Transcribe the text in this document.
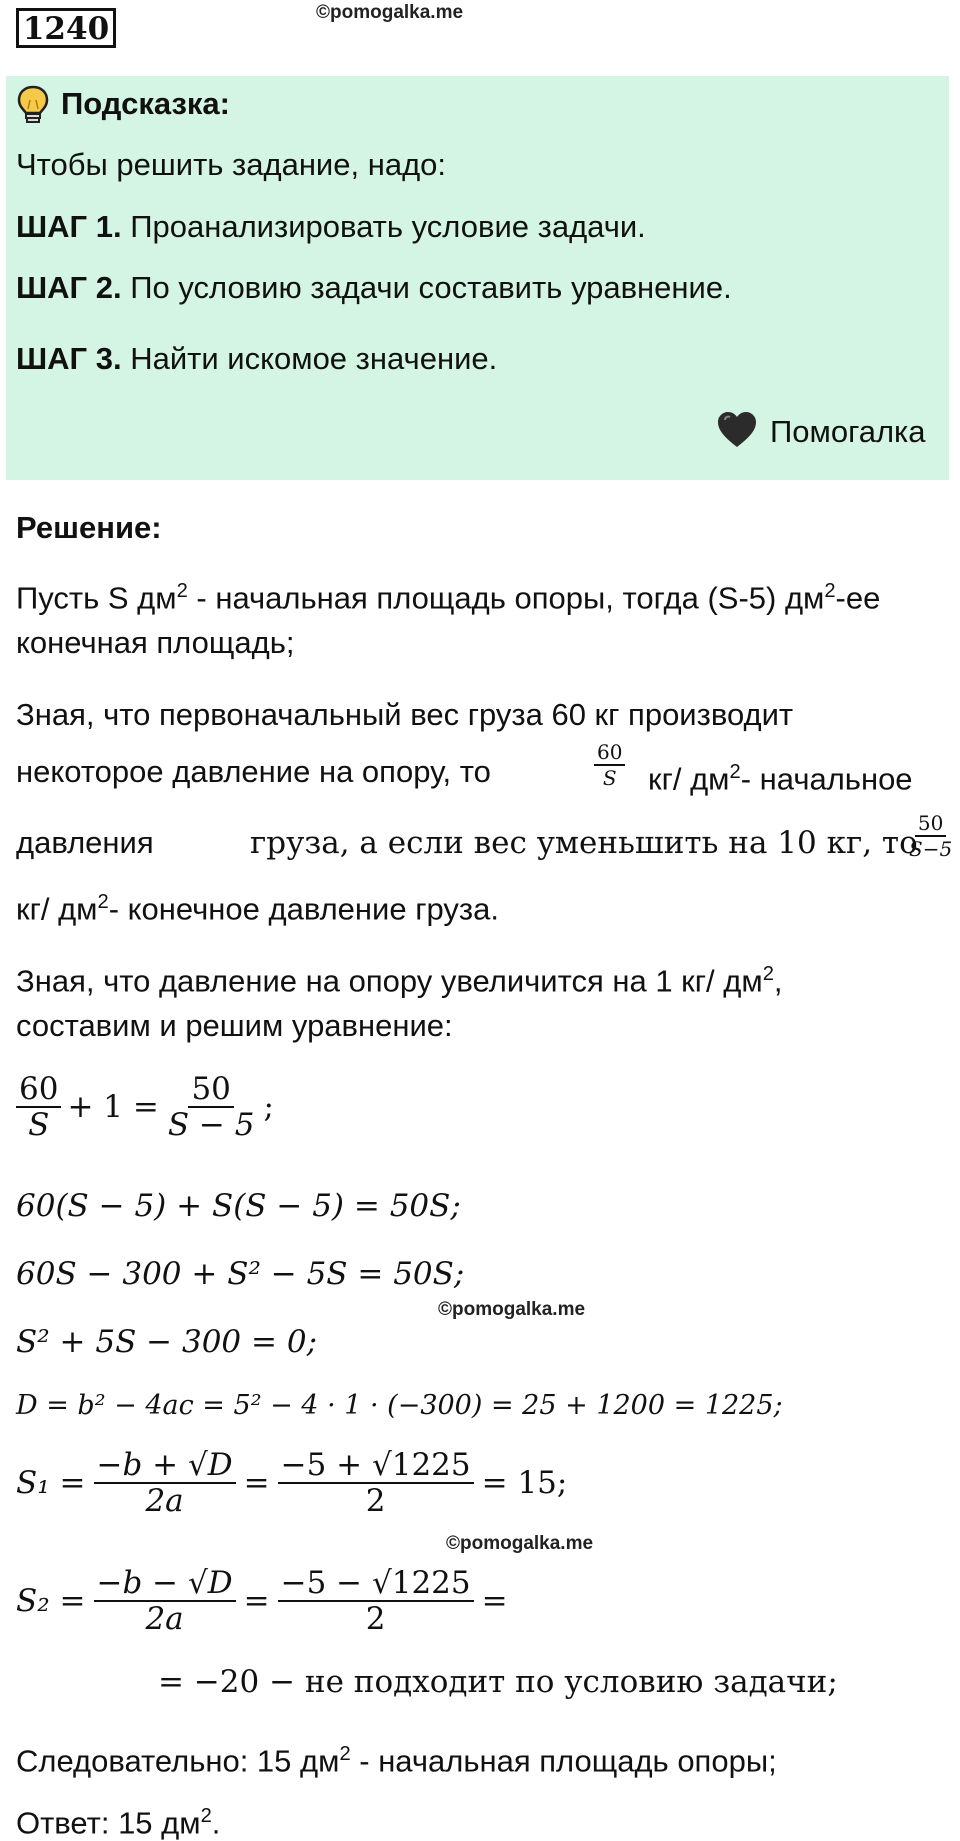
1240	©pomogalka.me
Подсказка:
Чтобы решить задание, надо:
ШАГ 1. Проанализировать условие задачи.
ШАГ 2. По условию задачи составить уравнение.
ШАГ 3. Найти искомое значение.
Помогалка
Решение:
Пусть S $дм^2$ - начальная площадь опоры, тогда (S-5) $дм^2-ее$
конечная площадь;
Зная, что первоначальный вес груза 60 кг производит
некоторое давление на опору, то	$\frac{60}{S} кг/$ $дм^2-$ начальное
давления	груза, а если вес уменьшить на 10 кг, то
$\frac{50}{S-5}$
кг/ $дм^2-$ конечное давление груза.
Зная, что давление на опору увеличится на 1 кг/ $дм^2$,
составим и решим уравнение:
$\frac{60}{S} + 1 = \frac{50}{S - 5}$ ;
60(S − 5) + S(S − 5) = 50S;
60S − 300 + S² − 5S = 50S;
©pomogalka.me
S² + 5S − 300 = 0;
D = b² − 4ac = 5² − 4 · 1 · (−300) = 25 + 1200 = 1225;
$S_1 = \frac{-b + √D}{2a} = \frac{-5 + √1225}{2} = 15$;
©pomogalka.me
$S_2 = \frac{-b - √D}{2a} = \frac{-5 - √1225}{2}$ =
= −20 − не подходит по условию задачи;
Следовательно: 15 $дм^2$ - начальная площадь опоры;
Ответ: 15 $дм^2$.
